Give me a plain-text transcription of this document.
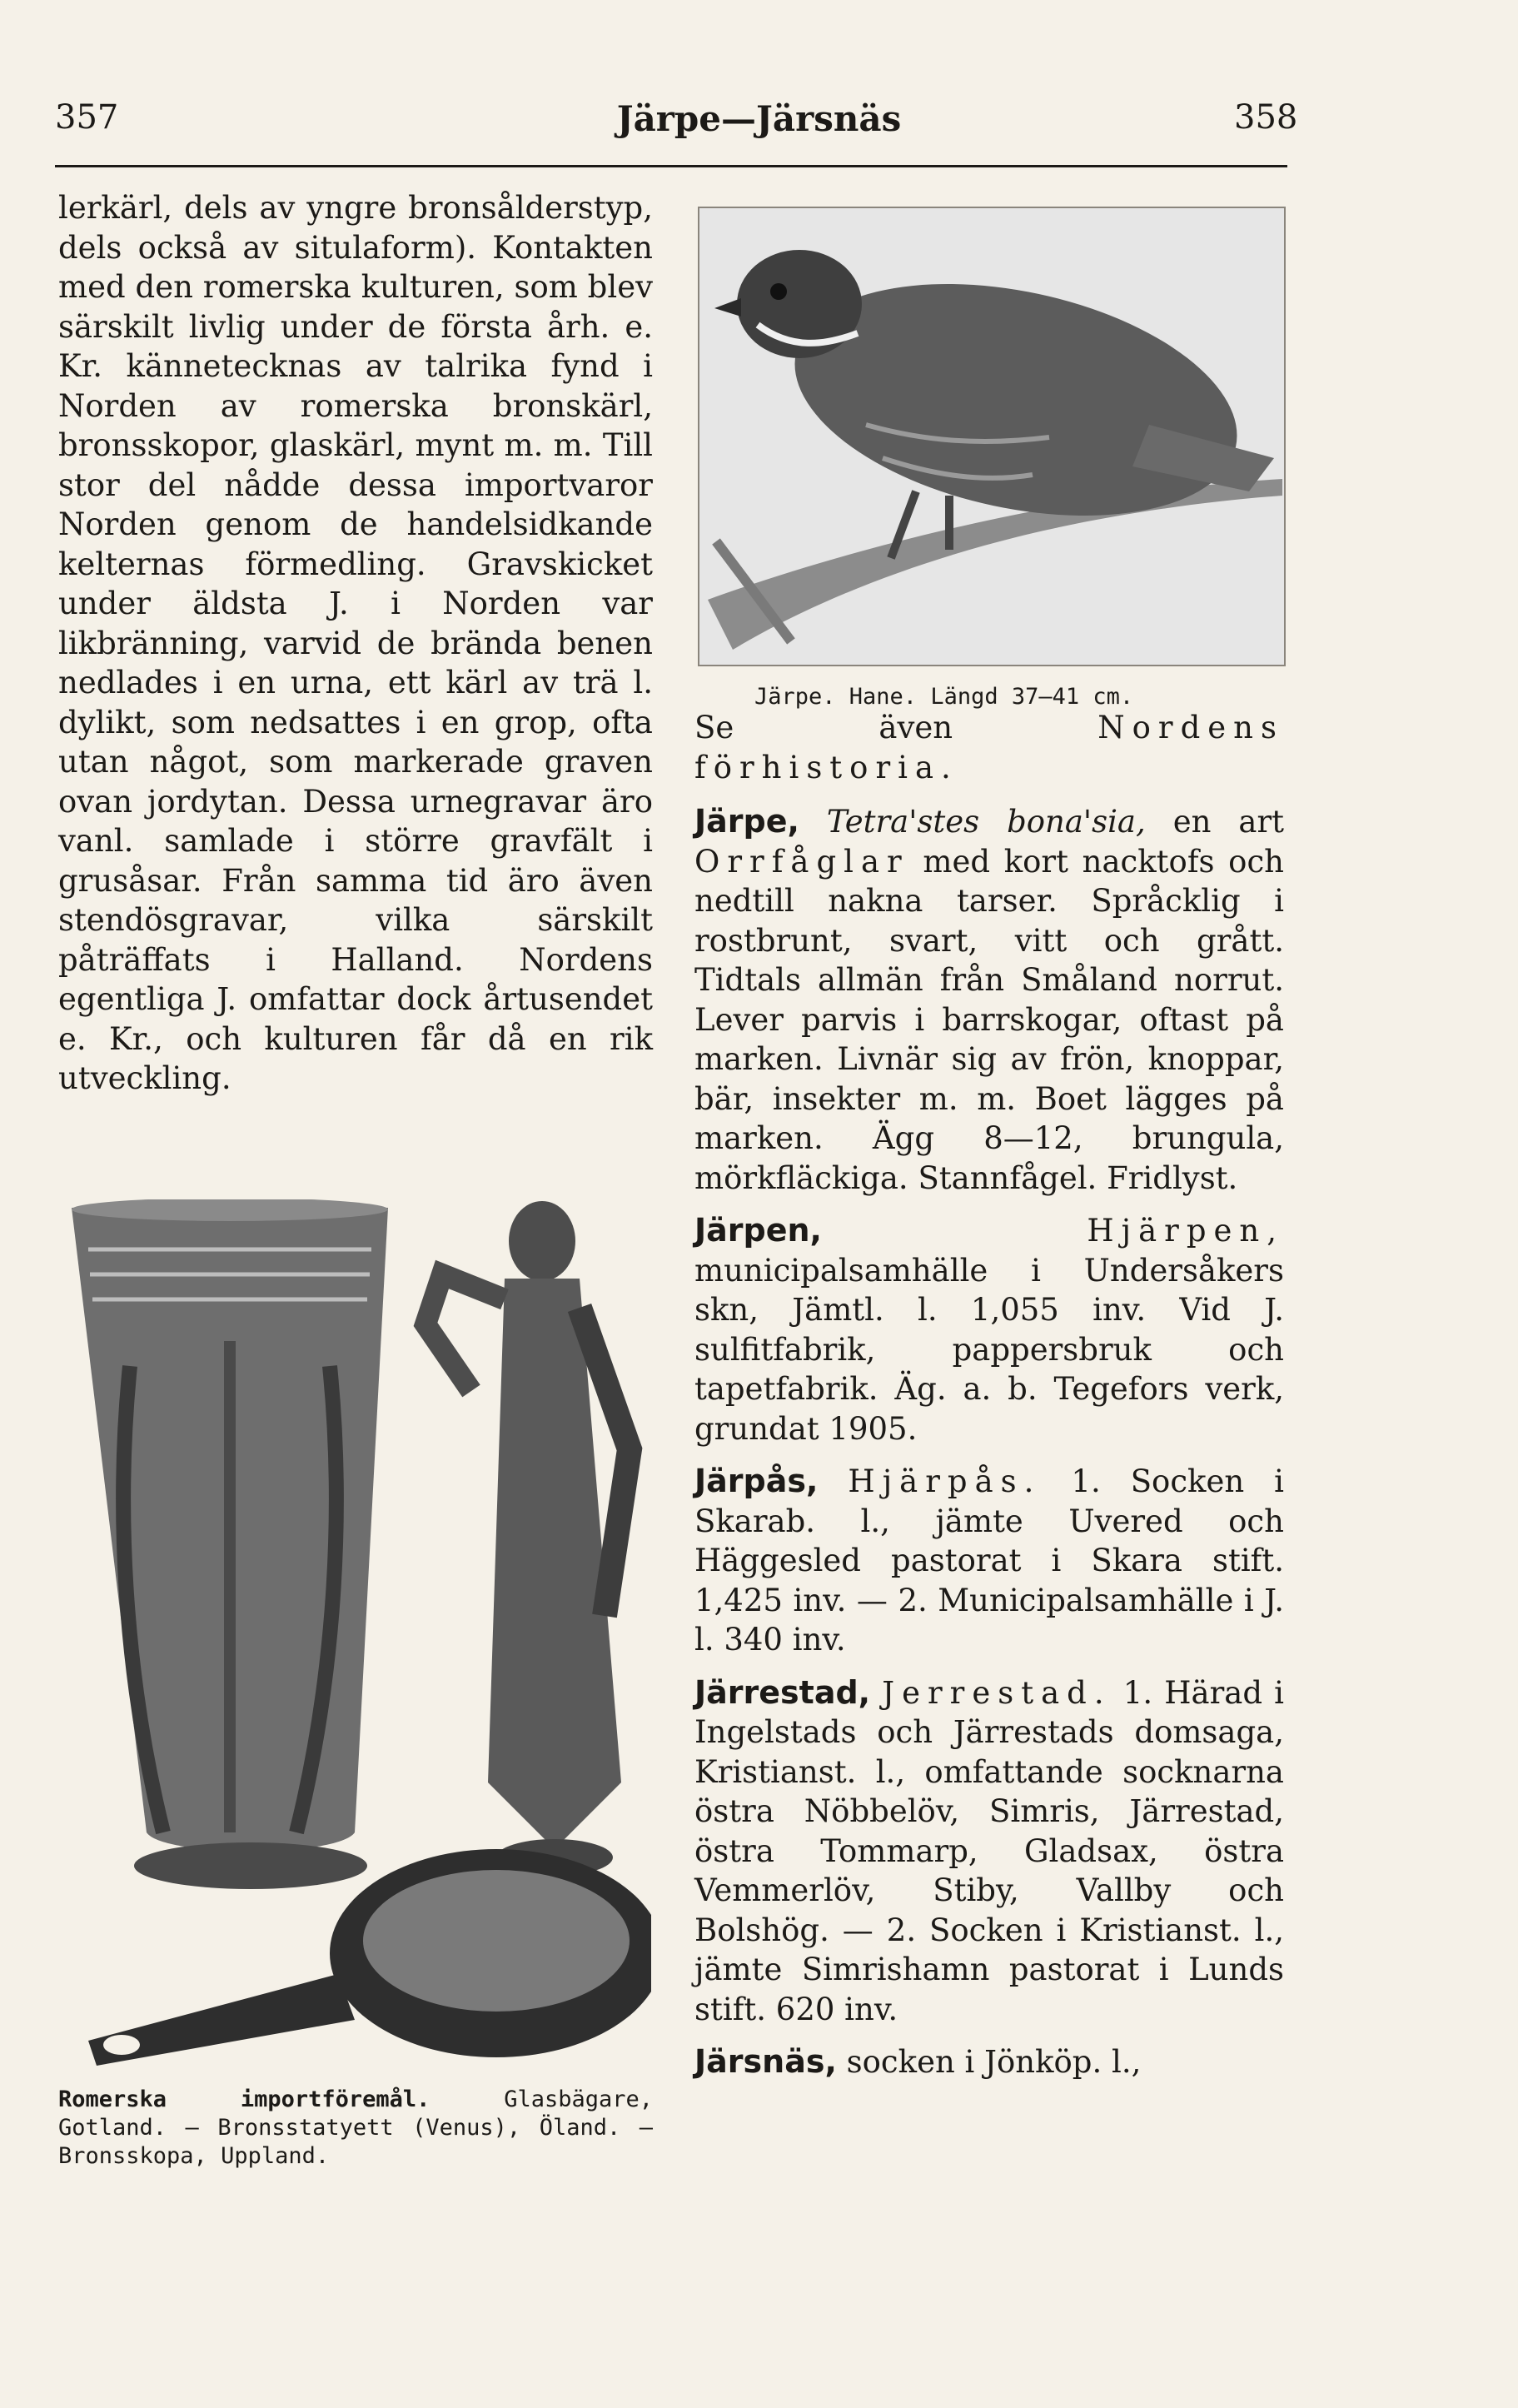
357	Järpe—Järsnäs	358

lerkärl, dels av yngre bronsålderstyp, dels också av situlaform). Kontakten med den romerska kulturen, som blev särskilt livlig under de första årh. e. Kr. kännetecknas av talrika fynd i Norden av romerska bronskärl, bronsskopor, glaskärl, mynt m. m. Till stor del nådde dessa importvaror Norden genom de handelsidkande kelternas förmedling. Gravskicket under äldsta J. i Norden var likbränning, varvid de brända benen nedlades i en urna, ett kärl av trä l. dylikt, som nedsattes i en grop, ofta utan något, som markerade graven ovan jordytan. Dessa urnegravar äro vanl. samlade i större gravfält i grusåsar. Från samma tid äro även stendösgravar, vilka särskilt påträffats i Halland. Nordens egentliga J. omfattar dock årtusendet e. Kr., och kulturen får då en rik utveckling.

Järpe. Hane. Längd 37—41 cm.
Romerska importföremål.	Glasbägare, Gotland. — Bronsstatyett (Venus), Öland. — Bronsskopa, Uppland.

Se även	Nordens förhistoria.

Järpe, Tetra'stes bona'sia, en art Orrfåglar med kort nacktofs och nedtill nakna tarser. Språcklig i rostbrunt, svart, vitt och grått. Tidtals allmän från Småland norrut. Lever parvis i barrskogar, oftast på marken. Livnär sig av frön, knoppar, bär, insekter m. m. Boet lägges på marken. Ägg 8—12, brungula, mörkfläckiga. Stannfågel. Fridlyst.

Järpen,	Hjärpen, municipalsamhälle i Undersåkers skn, Jämtl. l. 1,055 inv. Vid J. sulfitfabrik, pappersbruk och tapetfabrik. Äg. a. b. Tegefors verk, grundat 1905.

Järpås, Hjärpås. 1. Socken i Skarab. l., jämte Uvered och Häggesled pastorat i Skara stift. 1,425 inv. — 2. Municipalsamhälle i J. l. 340 inv.

Järrestad, Jerrestad. 1. Härad i Ingelstads och Järrestads domsaga, Kristianst. l., omfattande socknarna östra Nöbbelöv, Simris, Järrestad, östra Tommarp, Gladsax, östra Vemmerlöv, Stiby, Vallby och Bolshög. — 2. Socken i Kristianst. l., jämte Simrishamn pastorat i Lunds stift. 620 inv.

Järsnäs, socken i Jönköp. l.,
